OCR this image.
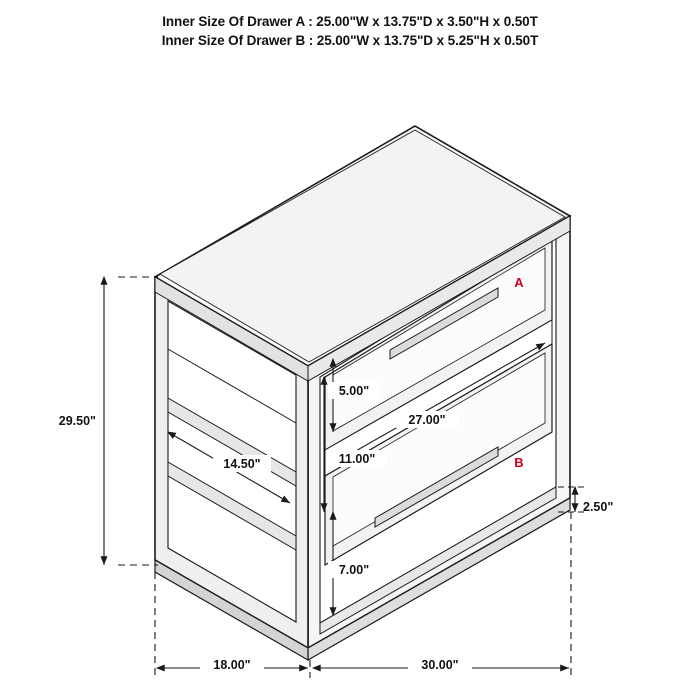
Inner Size Of Drawer A : 25.00"W x 13.75"D x 3.50"H x 0.50T
Inner Size Of Drawer B : 25.00"W x 13.75"D x 5.25"H x 0.50T
29.50"
14.50"
27.00"
5.00"
11.00"
7.00"
2.50"
18.00"	30.00"
A
B
